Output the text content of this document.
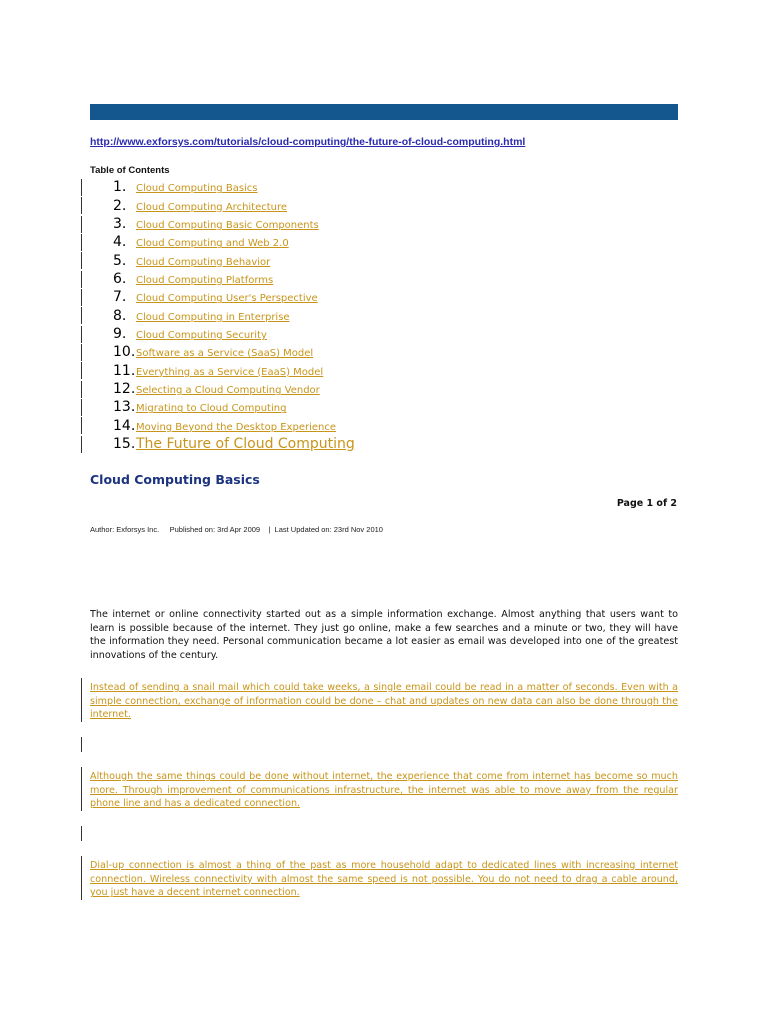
http://www.exforsys.com/tutorials/cloud-computing/the-future-of-cloud-computing.html
Table of Contents
1. Cloud Computing Basics
2. Cloud Computing Architecture
3. Cloud Computing Basic Components
4. Cloud Computing and Web 2.0
5. Cloud Computing Behavior
6. Cloud Computing Platforms
7. Cloud Computing User's Perspective
8. Cloud Computing in Enterprise
9. Cloud Computing Security
10. Software as a Service (SaaS) Model
11. Everything as a Service (EaaS) Model
12. Selecting a Cloud Computing Vendor
13. Migrating to Cloud Computing
14. Moving Beyond the Desktop Experience
15. The Future of Cloud Computing
Cloud Computing Basics
Page 1 of 2
Author: Exforsys Inc.     Published on: 3rd Apr 2009    |  Last Updated on: 23rd Nov 2010
The internet or online connectivity started out as a simple information exchange. Almost anything that users want to learn is possible because of the internet. They just go online, make a few searches and a minute or two, they will have the information they need. Personal communication became a lot easier as email was developed into one of the greatest innovations of the century.
Instead of sending a snail mail which could take weeks, a single email could be read in a matter of seconds. Even with a simple connection, exchange of information could be done – chat and updates on new data can also be done through the internet.
Although the same things could be done without internet, the experience that come from internet has become so much more. Through improvement of communications infrastructure, the internet was able to move away from the regular phone line and has a dedicated connection.
Dial-up connection is almost a thing of the past as more household adapt to dedicated lines with increasing internet connection. Wireless connectivity with almost the same speed is not possible. You do not need to drag a cable around, you just have a decent internet connection.
